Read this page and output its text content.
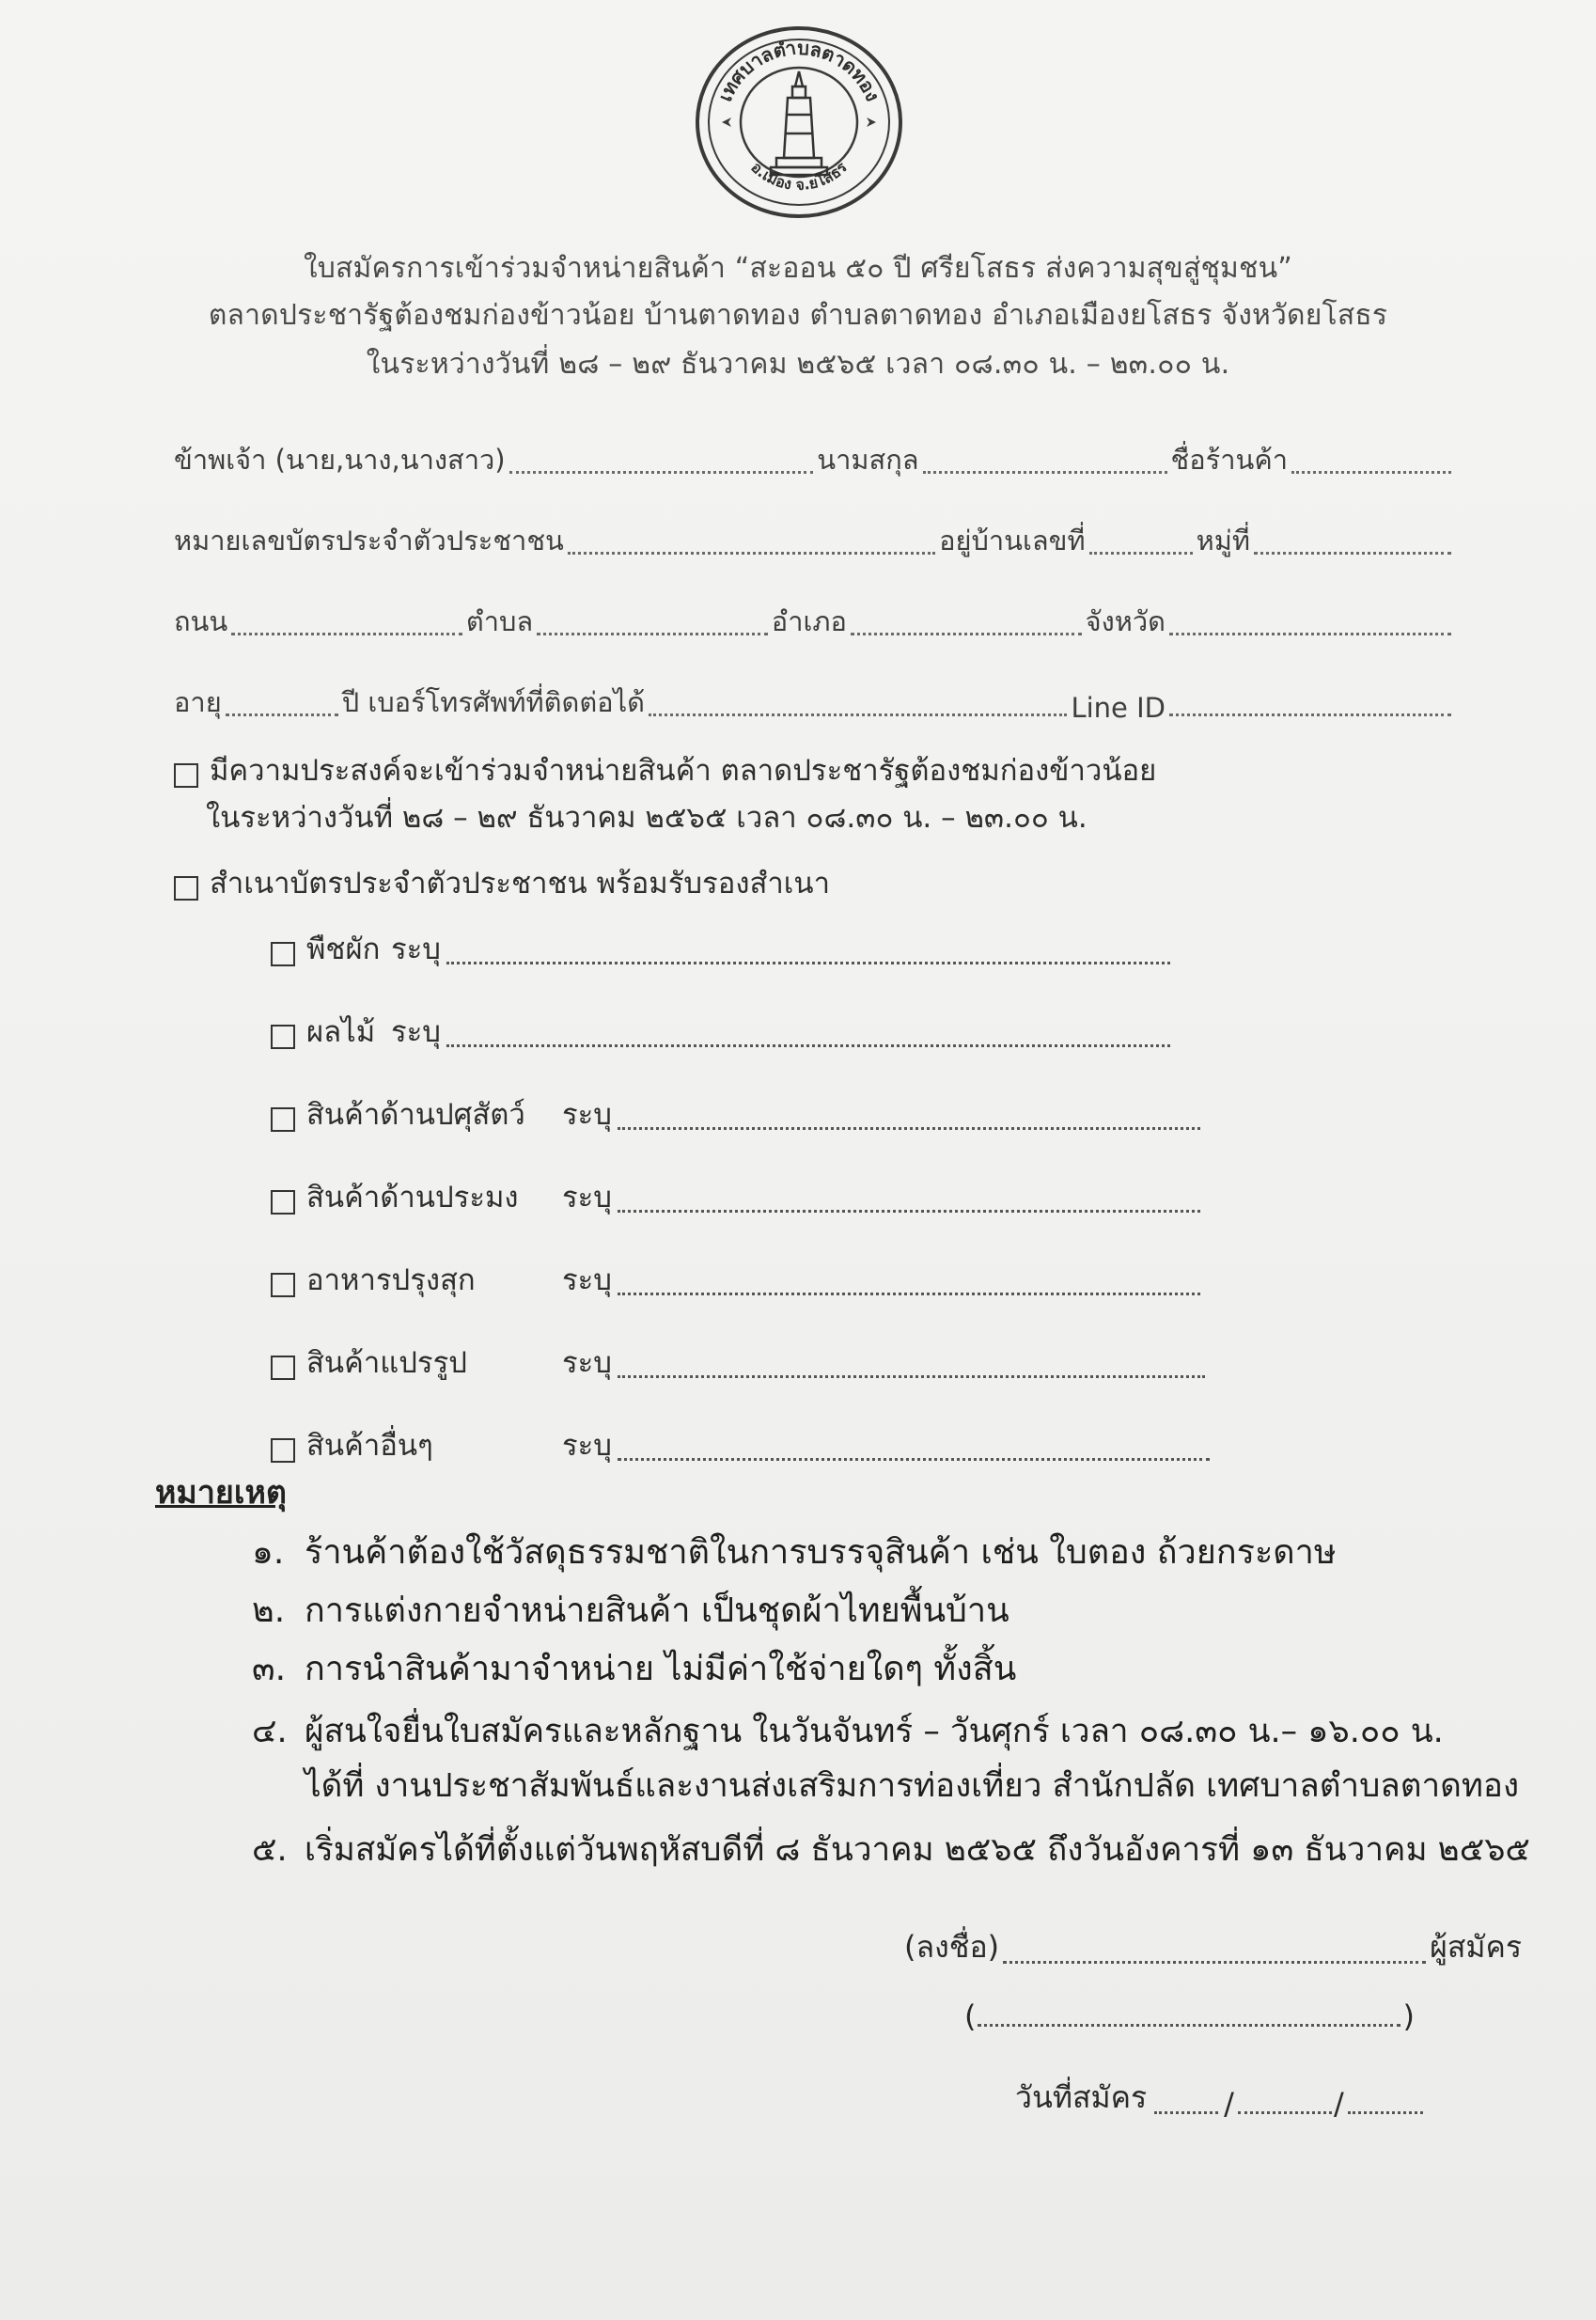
เทศบาลตำบลตาดทอง
อ.เมือง จ.ยโสธร
ใบสมัครการเข้าร่วมจำหน่ายสินค้า “สะออน ๕๐ ปี ศรียโสธร ส่งความสุขสู่ชุมชน”
ตลาดประชารัฐต้องชมก่องข้าวน้อย บ้านตาดทอง ตำบลตาดทอง อำเภอเมืองยโสธร จังหวัดยโสธร
ในระหว่างวันที่ ๒๘ – ๒๙ ธันวาคม ๒๕๖๕ เวลา ๐๘.๓๐ น. – ๒๓.๐๐ น.
ข้าพเจ้า (นาย,นาง,นางสาว)	นามสกุล	ชื่อร้านค้า
หมายเลขบัตรประจำตัวประชาชน	อยู่บ้านเลขที่	หมู่ที่
ถนน	ตำบล	อำเภอ	จังหวัด
อายุ	ปี เบอร์โทรศัพท์ที่ติดต่อได้	Line ID
มีความประสงค์จะเข้าร่วมจำหน่ายสินค้า ตลาดประชารัฐต้องชมก่องข้าวน้อย
ในระหว่างวันที่ ๒๘ – ๒๙ ธันวาคม ๒๕๖๕ เวลา ๐๘.๓๐ น. – ๒๓.๐๐ น.
สำเนาบัตรประจำตัวประชาชน พร้อมรับรองสำเนา
พืชผัก ระบุ
ผลไม้ ระบุ
สินค้าด้านปศุสัตว์	ระบุ
สินค้าด้านประมง	ระบุ
อาหารปรุงสุก	ระบุ
สินค้าแปรรูป	ระบุ
สินค้าอื่นๆ	ระบุ
หมายเหตุ
๑. ร้านค้าต้องใช้วัสดุธรรมชาติในการบรรจุสินค้า เช่น ใบตอง ถ้วยกระดาษ
๒. การแต่งกายจำหน่ายสินค้า เป็นชุดผ้าไทยพื้นบ้าน
๓. การนำสินค้ามาจำหน่าย ไม่มีค่าใช้จ่ายใดๆ ทั้งสิ้น
๔. ผู้สนใจยื่นใบสมัครและหลักฐาน ในวันจันทร์ – วันศุกร์ เวลา ๐๘.๓๐ น.– ๑๖.๐๐ น.
ได้ที่ งานประชาสัมพันธ์และงานส่งเสริมการท่องเที่ยว สำนักปลัด เทศบาลตำบลตาดทอง
๕. เริ่มสมัครได้ที่ตั้งแต่วันพฤหัสบดีที่ ๘ ธันวาคม ๒๕๖๕ ถึงวันอังคารที่ ๑๓ ธันวาคม ๒๕๖๕
(ลงชื่อ)	ผู้สมัคร
(	)
วันที่สมัคร	/	/
